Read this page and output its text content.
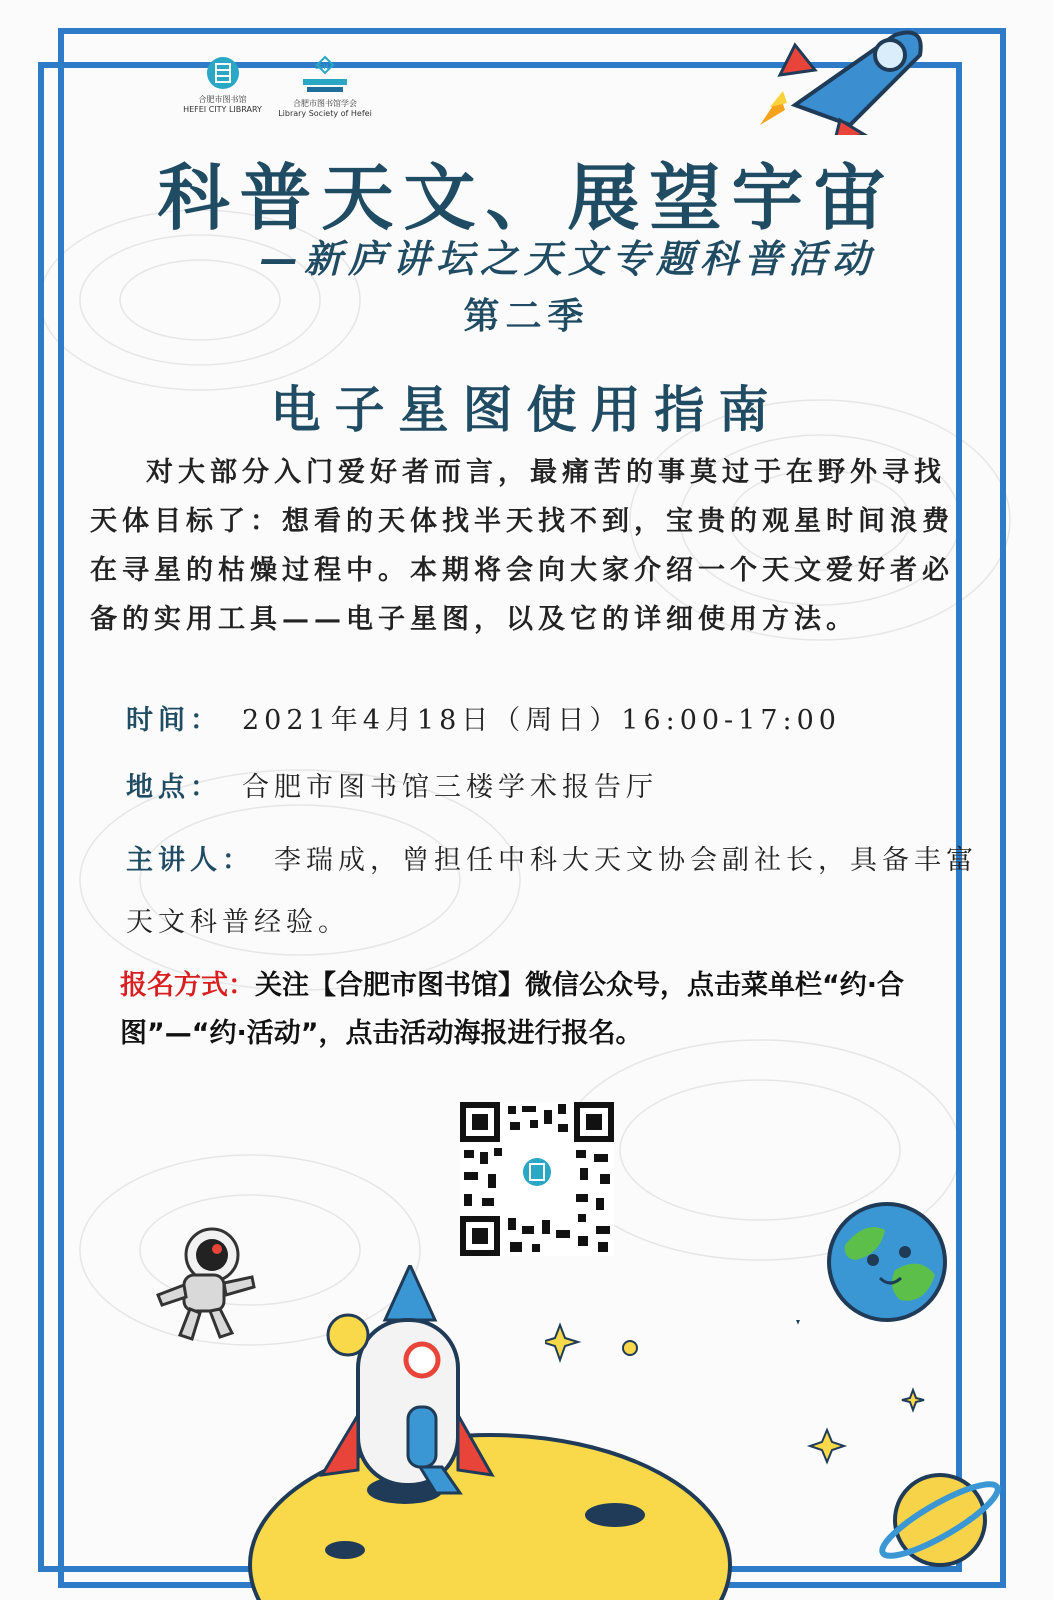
合肥市图书馆
HEFEI CITY LIBRARY
LSH
合肥市图书馆学会
Library Society of Hefei
科普天文、展望宇宙
—新庐讲坛之天文专题科普活动
第二季
电子星图使用指南
对大部分入门爱好者而言，最痛苦的事莫过于在野外寻找天体目标了：想看的天体找半天找不到，宝贵的观星时间浪费在寻星的枯燥过程中。本期将会向大家介绍一个天文爱好者必备的实用工具——电子星图，以及它的详细使用方法。
时间： 2021年4月18日（周日）16:00-17:00
地点： 合肥市图书馆三楼学术报告厅
主讲人： 李瑞成，曾担任中科大天文协会副社长，具备丰富天文科普经验。
报名方式：关注【合肥市图书馆】微信公众号，点击菜单栏“约·合图”—“约·活动”，点击活动海报进行报名。
